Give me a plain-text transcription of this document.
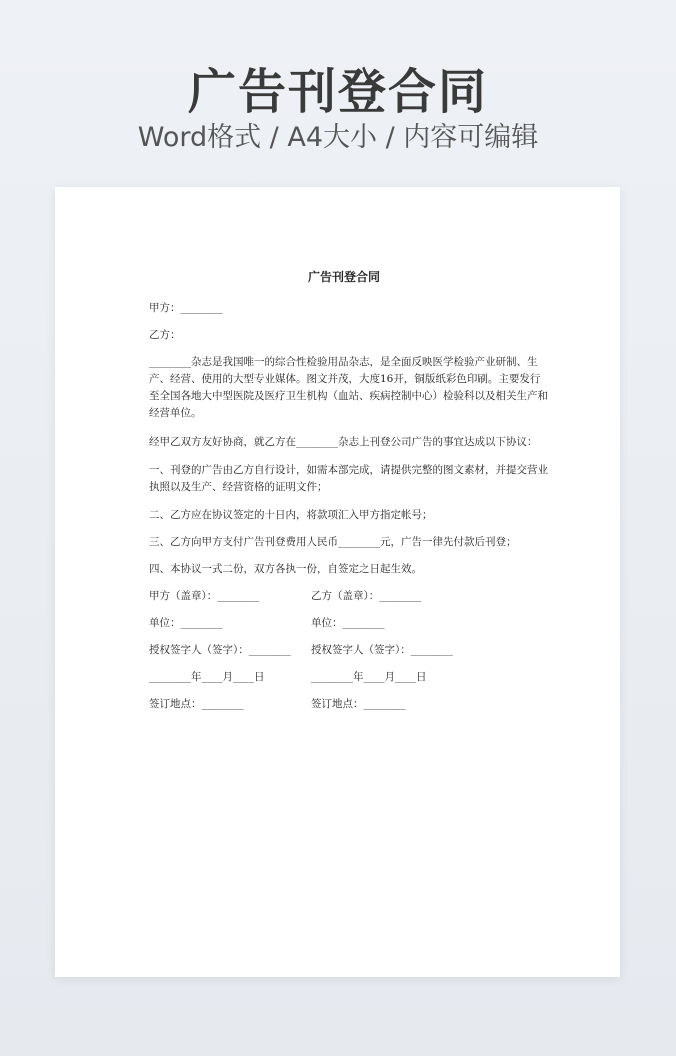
广告刊登合同
Word格式 / A4大小 / 内容可编辑
广告刊登合同
甲方：________
乙方：
________杂志是我国唯一的综合性检验用品杂志，是全面反映医学检验产业研制、生产、经营、使用的大型专业媒体。图文并茂，大度16开，铜版纸彩色印刷。主要发行至全国各地大中型医院及医疗卫生机构（血站、疾病控制中心）检验科以及相关生产和经营单位。
经甲乙双方友好协商，就乙方在________杂志上刊登公司广告的事宜达成以下协议：
一、刊登的广告由乙方自行设计，如需本部完成，请提供完整的图文素材，并提交营业执照以及生产、经营资格的证明文件；
二、乙方应在协议签定的十日内，将款项汇入甲方指定帐号；
三、乙方向甲方支付广告刊登费用人民币________元，广告一律先付款后刊登；
四、本协议一式二份，双方各执一份，自签定之日起生效。
甲方（盖章）：________	乙方（盖章）：________
单位：________	单位：________
授权签字人（签字）：________ 授权签字人（签字）：________
________年____月____日	________年____月____日
签订地点：________	签订地点：________
